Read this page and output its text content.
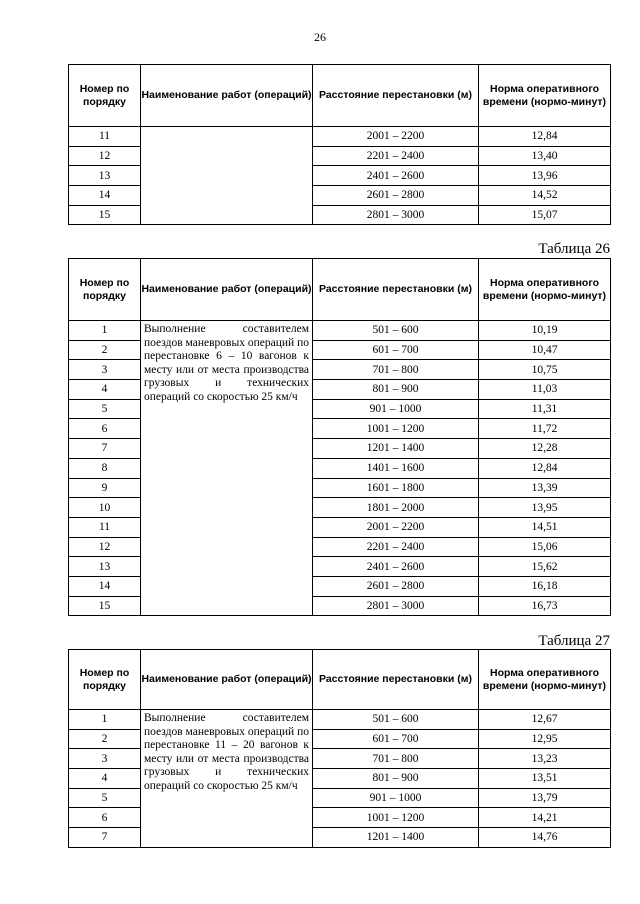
26
Номер по порядку	Наименование работ (операций)	Расстояние перестановки (м)	Норма оперативного времени (нормо-минут)
11		2001 – 2200	12,84
12		2201 – 2400	13,40
13		2401 – 2600	13,96
14		2601 – 2800	14,52
15		2801 – 3000	15,07
Таблица 26
Номер по порядку	Наименование работ (операций)	Расстояние перестановки (м)	Норма оперативного времени (нормо-минут)
1	Выполнение составителем поездов маневровых операций по перестановке 6 – 10 вагонов к месту или от места производства грузовых и технических операций со скоростью 25 км/ч	501 – 600	10,19
2		601 – 700	10,47
3		701 – 800	10,75
4		801 – 900	11,03
5		901 – 1000	11,31
6		1001 – 1200	11,72
7		1201 – 1400	12,28
8		1401 – 1600	12,84
9		1601 – 1800	13,39
10		1801 – 2000	13,95
11		2001 – 2200	14,51
12		2201 – 2400	15,06
13		2401 – 2600	15,62
14		2601 – 2800	16,18
15		2801 – 3000	16,73
Таблица 27
Номер по порядку	Наименование работ (операций)	Расстояние перестановки (м)	Норма оперативного времени (нормо-минут)
1	Выполнение составителем поездов маневровых операций по перестановке 11 – 20 вагонов к месту или от места производства грузовых и технических операций со скоростью 25 км/ч	501 – 600	12,67
2		601 – 700	12,95
3		701 – 800	13,23
4		801 – 900	13,51
5		901 – 1000	13,79
6		1001 – 1200	14,21
7		1201 – 1400	14,76
